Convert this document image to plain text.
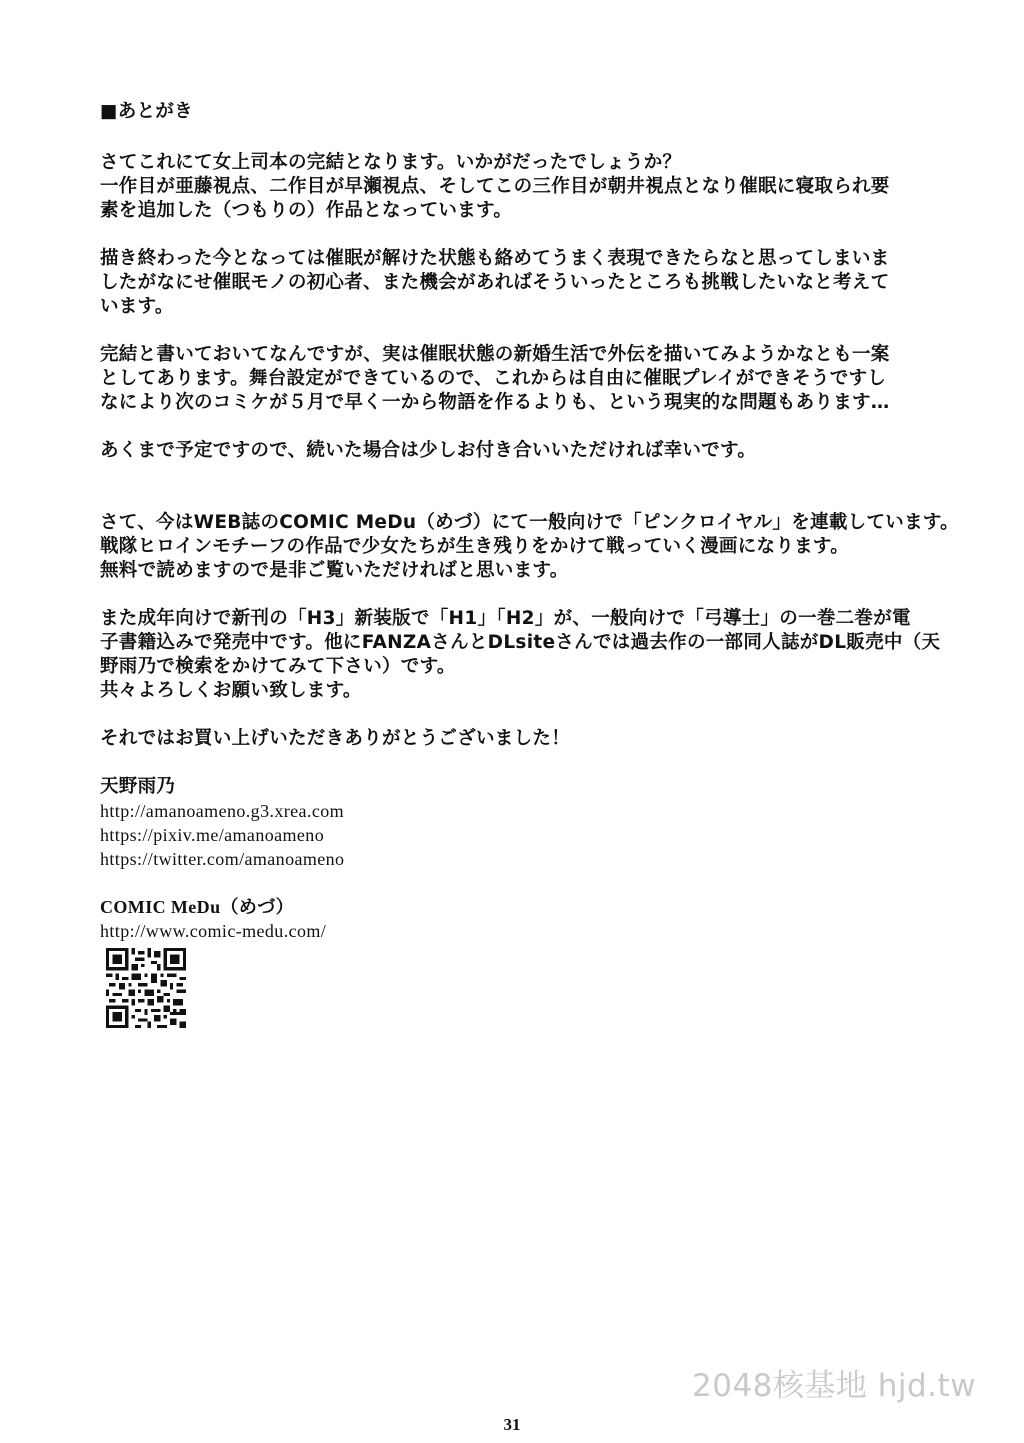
■あとがき
さてこれにて女上司本の完結となります。いかがだったでしょうか？
一作目が亜藤視点、二作目が早瀬視点、そしてこの三作目が朝井視点となり催眠に寝取られ要
素を追加した（つもりの）作品となっています。
描き終わった今となっては催眠が解けた状態も絡めてうまく表現できたらなと思ってしまいま
したがなにせ催眠モノの初心者、また機会があればそういったところも挑戦したいなと考えて
います。
完結と書いておいてなんですが、実は催眠状態の新婚生活で外伝を描いてみようかなとも一案
としてあります。舞台設定ができているので、これからは自由に催眠プレイができそうですし
なにより次のコミケが５月で早く一から物語を作るよりも、という現実的な問題もあります…
あくまで予定ですので、続いた場合は少しお付き合いいただければ幸いです。
さて、今はWEB誌のCOMIC MeDu（めづ）にて一般向けで「ピンクロイヤル」を連載しています。
戦隊ヒロインモチーフの作品で少女たちが生き残りをかけて戦っていく漫画になります。
無料で読めますので是非ご覧いただければと思います。
また成年向けで新刊の「H3」新装版で「H1」「H2」が、一般向けで「弓導士」の一巻二巻が電
子書籍込みで発売中です。他にFANZAさんとDLsiteさんでは過去作の一部同人誌がDL販売中（天
野雨乃で検索をかけてみて下さい）です。
共々よろしくお願い致します。
それではお買い上げいただきありがとうございました！
天野雨乃
http://amanoameno.g3.xrea.com
https://pixiv.me/amanoameno
https://twitter.com/amanoameno
COMIC MeDu（めづ）
http://www.comic-medu.com/
2048核基地 hjd.tw
31
